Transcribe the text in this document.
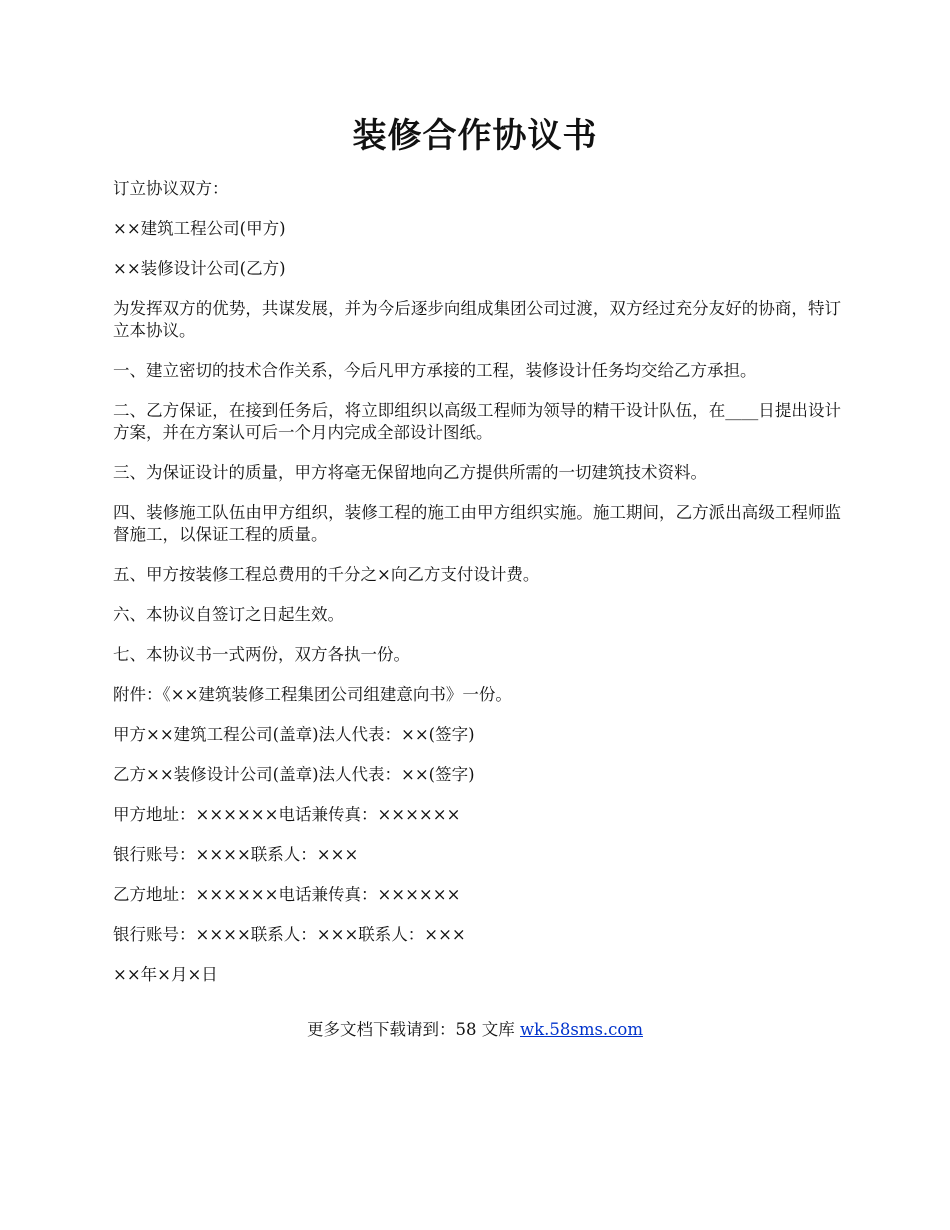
装修合作协议书

订立协议双方：

××建筑工程公司(甲方)

××装修设计公司(乙方)

为发挥双方的优势，共谋发展，并为今后逐步向组成集团公司过渡，双方经过充分友好的协商，特订立本协议。

一、建立密切的技术合作关系，今后凡甲方承接的工程，装修设计任务均交给乙方承担。

二、乙方保证，在接到任务后，将立即组织以高级工程师为领导的精干设计队伍，在____日提出设计方案，并在方案认可后一个月内完成全部设计图纸。

三、为保证设计的质量，甲方将毫无保留地向乙方提供所需的一切建筑技术资料。

四、装修施工队伍由甲方组织，装修工程的施工由甲方组织实施。施工期间，乙方派出高级工程师监督施工，以保证工程的质量。

五、甲方按装修工程总费用的千分之×向乙方支付设计费。

六、本协议自签订之日起生效。

七、本协议书一式两份，双方各执一份。

附件：《××建筑装修工程集团公司组建意向书》一份。

甲方××建筑工程公司(盖章)法人代表：××(签字)

乙方××装修设计公司(盖章)法人代表：××(签字)

甲方地址：××××××电话兼传真：××××××

银行账号：××××联系人：×××

乙方地址：××××××电话兼传真：××××××

银行账号：××××联系人：×××联系人：×××

××年×月×日

更多文档下载请到：58 文库 wk.58sms.com
